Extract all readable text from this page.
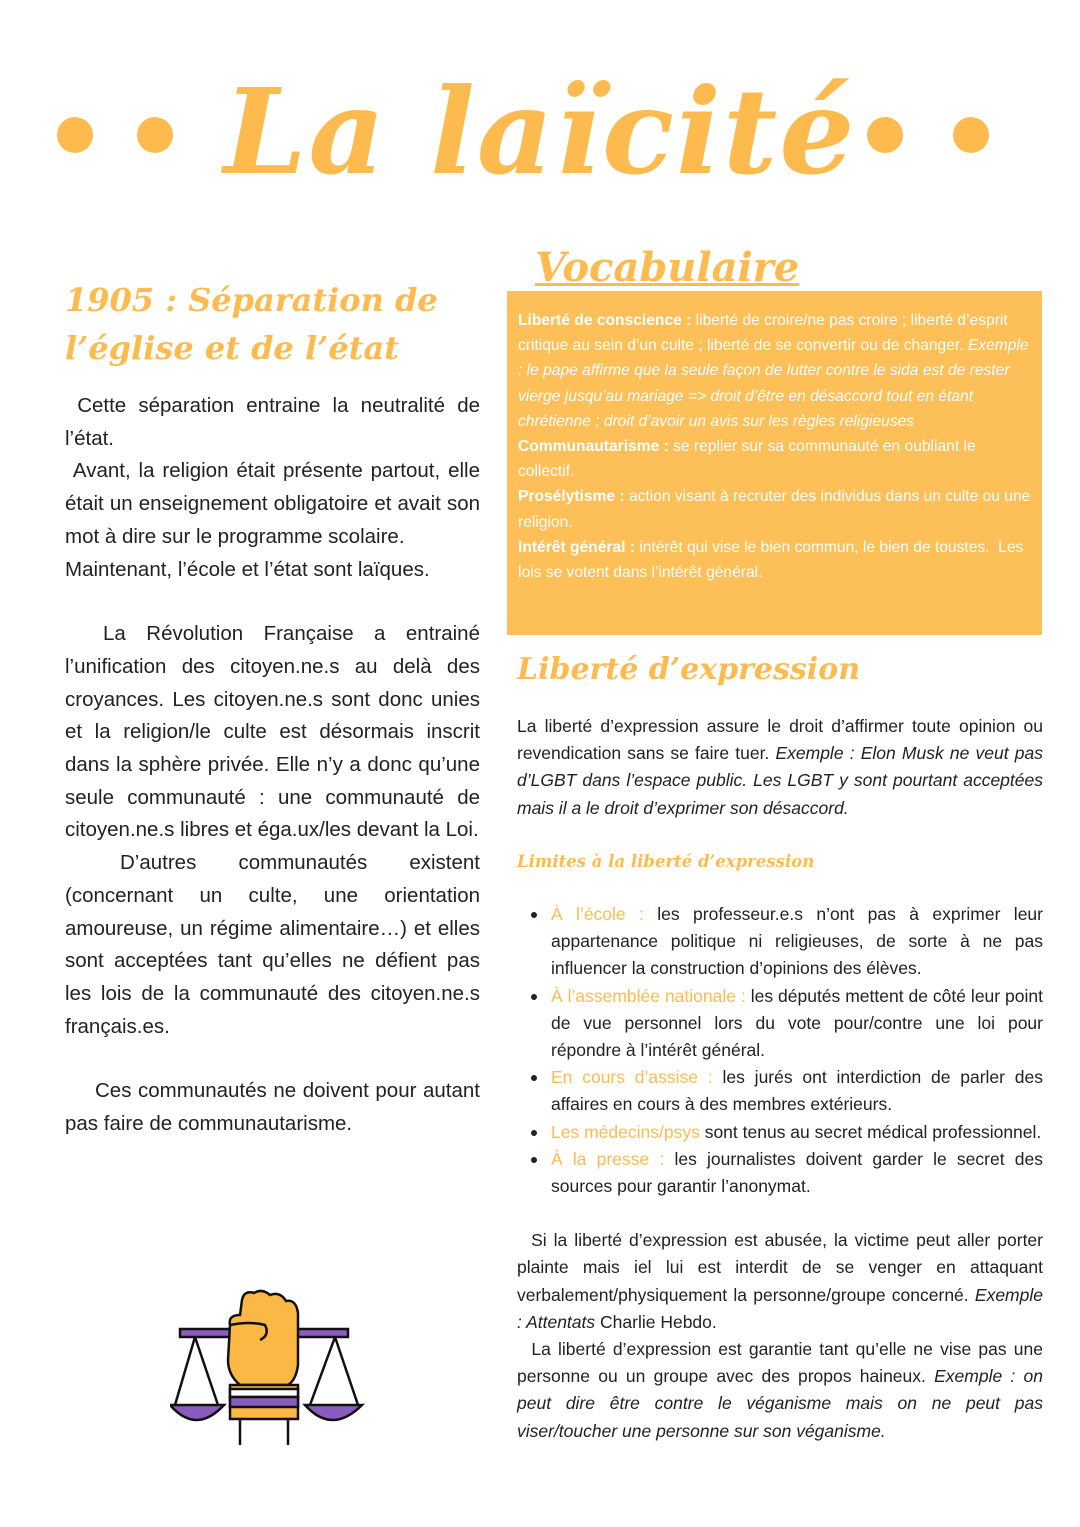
La laïcité
1905 : Séparation de l’église et de l’état

Cette séparation entraine la neutralité de l’état.

Avant, la religion était présente partout, elle était un enseignement obligatoire et avait son mot à dire sur le programme scolaire.

Maintenant, l’école et l’état sont laïques.

La Révolution Française a entrainé l’unification des citoyen.ne.s au delà des croyances. Les citoyen.ne.s sont donc unies et la religion/le culte est désormais inscrit dans la sphère privée. Elle n’y a donc qu’une seule communauté : une communauté de citoyen.ne.s libres et éga.ux/les devant la Loi.

D’autres communautés existent (concernant un culte, une orientation amoureuse, un régime alimentaire…) et elles sont acceptées tant qu’elles ne défient pas les lois de la communauté des citoyen.ne.s français.es.

Ces communautés ne doivent pour autant pas faire de communautarisme.

Vocabulaire

Liberté de conscience : liberté de croire/ne pas croire ; liberté d’esprit critique au sein d’un culte ; liberté de se convertir ou de changer. Exemple : le pape affirme que la seule façon de lutter contre le sida est de rester vierge jusqu’au mariage => droit d’être en désaccord tout en étant chrétienne ; droit d’avoir un avis sur les règles religieuses

Communautarisme : se replier sur sa communauté en oubliant le collectif.

Prosélytisme : action visant à recruter des individus dans un culte ou une religion.

Intérêt général : intérêt qui vise le bien commun, le bien de toustes.  Les lois se votent dans l’intérêt général.

Liberté d’expression

La liberté d’expression assure le droit d’affirmer toute opinion ou revendication sans se faire tuer. Exemple : Elon Musk ne veut pas d’LGBT dans l’espace public. Les LGBT y sont pourtant acceptées mais il a le droit d’exprimer son désaccord.

Limites à la liberté d’expression

À l’école : les professeur.e.s n’ont pas à exprimer leur appartenance politique ni religieuses, de sorte à ne pas influencer la construction d’opinions des élèves.
À l’assemblée nationale : les députés mettent de côté leur point de vue personnel lors du vote pour/contre une loi pour répondre à l’intérêt général.
En cours d’assise : les jurés ont interdiction de parler des affaires en cours à des membres extérieurs.
Les médecins/psys sont tenus au secret médical professionnel.
À la presse : les journalistes doivent garder le secret des sources pour garantir l’anonymat.

Si la liberté d’expression est abusée, la victime peut aller porter plainte mais iel lui est interdit de se venger en attaquant verbalement/physiquement la personne/groupe concerné. Exemple : Attentats Charlie Hebdo.

La liberté d’expression est garantie tant qu’elle ne vise pas une personne ou un groupe avec des propos haineux. Exemple : on peut dire être contre le véganisme mais on ne peut pas viser/toucher une personne sur son véganisme.
